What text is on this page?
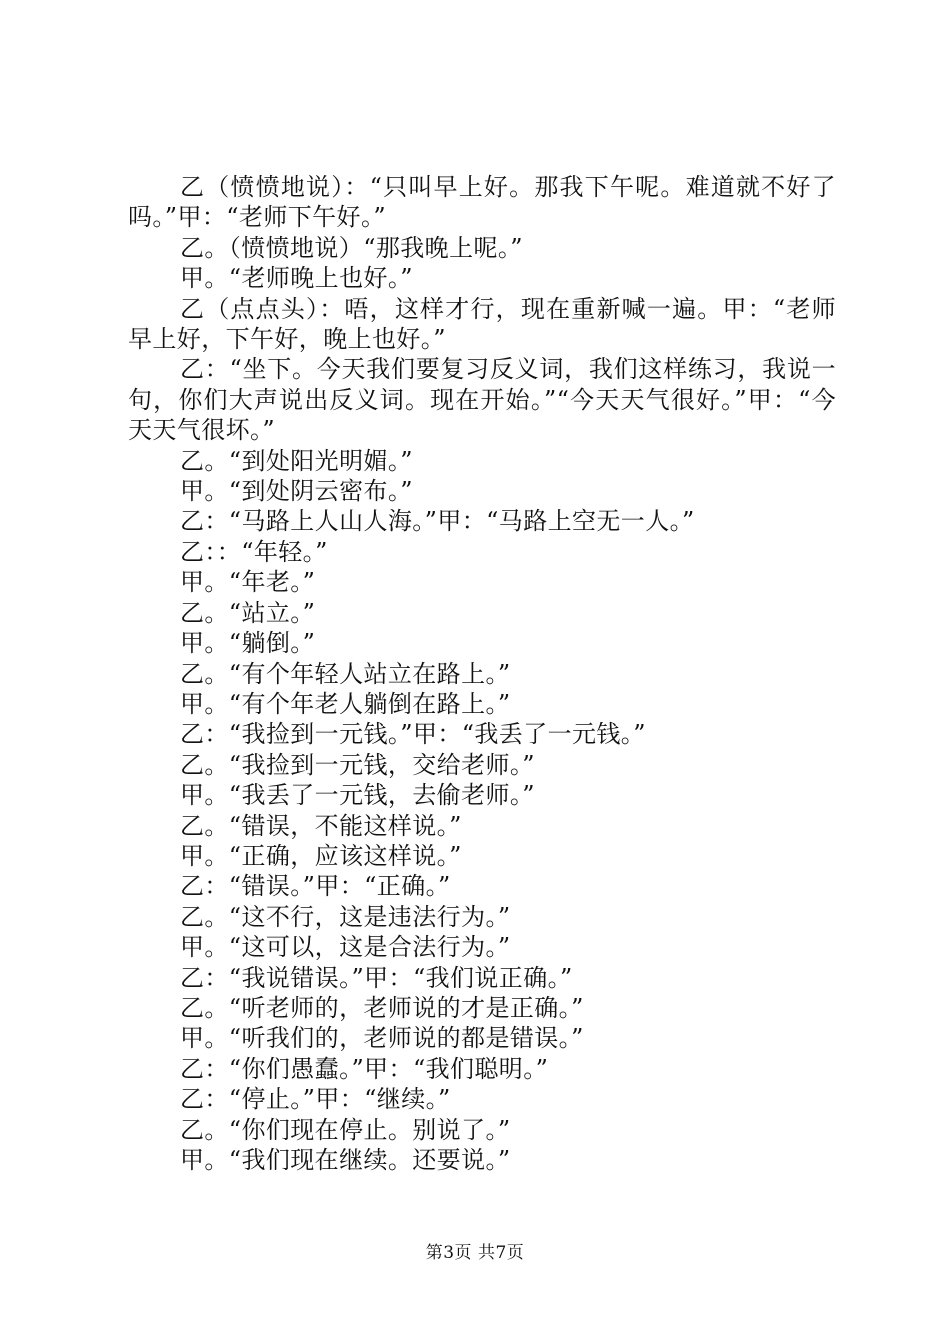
乙（愤愤地说）：“只叫早上好。那我下午呢。难道就不好了吗。”甲：“老师下午好。”

乙。（愤愤地说）“那我晚上呢。”

甲。“老师晚上也好。”

乙（点点头）：唔，这样才行，现在重新喊一遍。甲：“老师早上好，下午好，晚上也好。”

乙：“坐下。今天我们要复习反义词，我们这样练习，我说一句，你们大声说出反义词。现在开始。”“今天天气很好。”甲：“今天天气很坏。”

乙。“到处阳光明媚。”

甲。“到处阴云密布。”

乙：“马路上人山人海。”甲：“马路上空无一人。”

乙：：“年轻。”

甲。“年老。”

乙。“站立。”

甲。“躺倒。”

乙。“有个年轻人站立在路上。”

甲。“有个年老人躺倒在路上。”

乙：“我捡到一元钱。”甲：“我丢了一元钱。”

乙。“我捡到一元钱，交给老师。”

甲。“我丢了一元钱，去偷老师。”

乙。“错误，不能这样说。”

甲。“正确，应该这样说。”

乙：“错误。”甲：“正确。”

乙。“这不行，这是违法行为。”

甲。“这可以，这是合法行为。”

乙：“我说错误。”甲：“我们说正确。”

乙。“听老师的，老师说的才是正确。”

甲。“听我们的，老师说的都是错误。”

乙：“你们愚蠢。”甲：“我们聪明。”

乙：“停止。”甲：“继续。”

乙。“你们现在停止。别说了。”

甲。“我们现在继续。还要说。”

第3页 共7页
